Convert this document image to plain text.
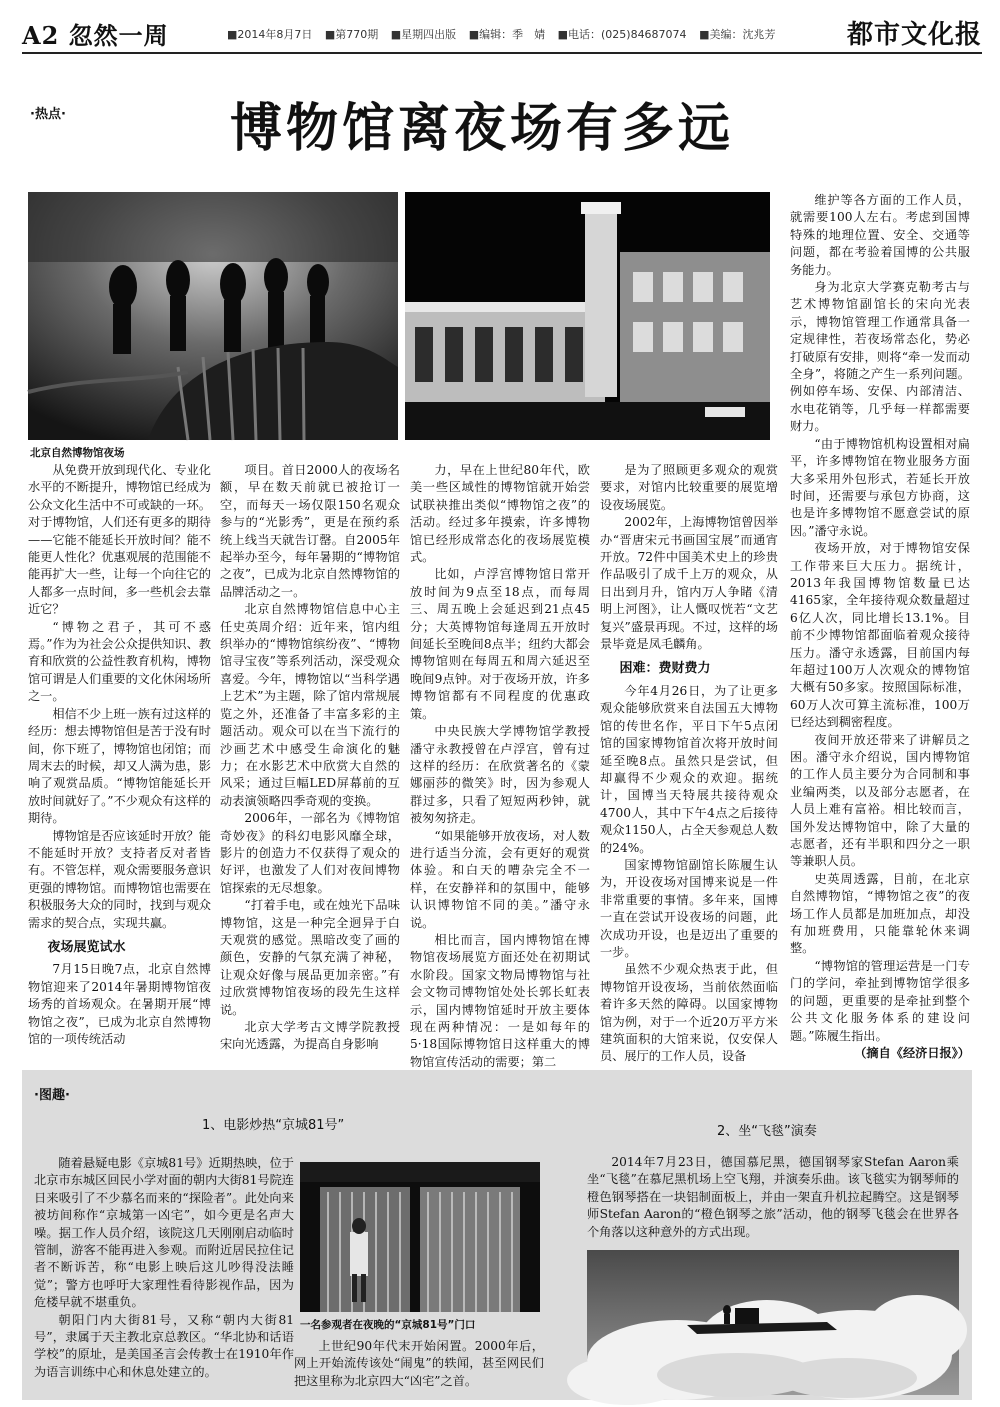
A2 忽然一周	■2014年8月7日 ■第770期 ■星期四出版 ■编辑：季　婧 ■电话：(025)84687074 ■美编：沈兆芳	都市文化报
·热点·	博物馆离夜场有多远
北京自然博物馆夜场

从免费开放到现代化、专业化水平的不断提升，博物馆已经成为公众文化生活中不可或缺的一环。对于博物馆，人们还有更多的期待——它能不能延长开放时间？能不能更人性化？优惠观展的范围能不能再扩大一些，让每一个向往它的人都多一点时间，多一些机会去靠近它？

“博物之君子，其可不惑焉。”作为为社会公众提供知识、教育和欣赏的公益性教育机构，博物馆可谓是人们重要的文化休闲场所之一。

相信不少上班一族有过这样的经历：想去博物馆但是苦于没有时间，你下班了，博物馆也闭馆；而周末去的时候，却又人满为患，影响了观赏品质。“博物馆能延长开放时间就好了。”不少观众有这样的期待。

博物馆是否应该延时开放？能不能延时开放？支持者反对者皆有。不管怎样，观众需要服务意识更强的博物馆。而博物馆也需要在积极服务大众的同时，找到与观众需求的契合点，实现共赢。

夜场展览试水

7月15日晚7点，北京自然博物馆迎来了2014年暑期博物馆夜场秀的首场观众。在暑期开展“博物馆之夜”，已成为北京自然博物馆的一项传统活动

项目。首日2000人的夜场名额，早在数天前就已被抢订一空，而每天一场仅限150名观众参与的“光影秀”，更是在预约系统上线当天就告订罄。自2005年起举办至今，每年暑期的“博物馆之夜”，已成为北京自然博物馆的品牌活动之一。

北京自然博物馆信息中心主任史英周介绍：近年来，馆内组织举办的“博物馆缤纷夜”、“博物馆寻宝夜”等系列活动，深受观众喜爱。今年，博物馆以“当科学遇上艺术”为主题，除了馆内常规展览之外，还准备了丰富多彩的主题活动。观众可以在当下流行的沙画艺术中感受生命演化的魅力；在水影艺术中欣赏大自然的风采；通过巨幅LED屏幕前的互动表演领略四季奇观的变换。

2006年，一部名为《博物馆奇妙夜》的科幻电影风靡全球，影片的创造力不仅获得了观众的好评，也激发了人们对夜间博物馆探索的无尽想象。

“打着手电，或在烛光下品味博物馆，这是一种完全迥异于白天观赏的感觉。黑暗改变了画的颜色，安静的气氛充满了神秘，让观众好像与展品更加亲密。”有过欣赏博物馆夜场的段先生这样说。

北京大学考古文博学院教授宋向光透露，为提高自身影响

力，早在上世纪80年代，欧美一些区域性的博物馆就开始尝试联袂推出类似“博物馆之夜”的活动。经过多年摸索，许多博物馆已经形成常态化的夜场展览模式。

比如，卢浮宫博物馆日常开放时间为9点至18点，而每周三、周五晚上会延迟到21点45分；大英博物馆每逢周五开放时间延长至晚间8点半；纽约大都会博物馆则在每周五和周六延迟至晚间9点钟。对于夜场开放，许多博物馆都有不同程度的优惠政策。

中央民族大学博物馆学教授潘守永教授曾在卢浮宫，曾有过这样的经历：在欣赏著名的《蒙娜丽莎的微笑》时，因为参观人群过多，只看了短短两秒钟，就被匆匆挤走。

“如果能够开放夜场，对人数进行适当分流，会有更好的观赏体验。和白天的嘈杂完全不一样，在安静祥和的氛围中，能够认识博物馆不同的美。”潘守永说。

相比而言，国内博物馆在博物馆夜场展览方面还处在初期试水阶段。国家文物局博物馆与社会文物司博物馆处处长郭长虹表示，国内博物馆延时开放主要体现在两种情况：一是如每年的5·18国际博物馆日这样重大的博物馆宣传活动的需要；第二

是为了照顾更多观众的观赏要求，对馆内比较重要的展览增设夜场展览。

2002年，上海博物馆曾因举办“晋唐宋元书画国宝展”而通宵开放。72件中国美术史上的珍贵作品吸引了成千上万的观众，从日出到月升，馆内万人争睹《清明上河图》，让人慨叹恍若“文艺复兴”盛景再现。不过，这样的场景毕竟是凤毛麟角。

困难：费财费力

今年4月26日，为了让更多观众能够欣赏来自法国五大博物馆的传世名作，平日下午5点闭馆的国家博物馆首次将开放时间延至晚8点。虽然只是尝试，但却赢得不少观众的欢迎。据统计，国博当天特展共接待观众4700人，其中下午4点之后接待观众1150人，占全天参观总人数的24%。

国家博物馆副馆长陈履生认为，开设夜场对国博来说是一件非常重要的事情。多年来，国博一直在尝试开设夜场的问题，此次成功开设，也是迈出了重要的一步。

虽然不少观众热衷于此，但博物馆开设夜场，当前依然面临着许多天然的障碍。以国家博物馆为例，对于一个近20万平方米建筑面积的大馆来说，仅安保人员、展厅的工作人员，设备

维护等各方面的工作人员，就需要100人左右。考虑到国博特殊的地理位置、安全、交通等问题，都在考验着国博的公共服务能力。

身为北京大学赛克勒考古与艺术博物馆副馆长的宋向光表示，博物馆管理工作通常具备一定规律性，若夜场常态化，势必打破原有安排，则将“牵一发而动全身”，将随之产生一系列问题。例如停车场、安保、内部清洁、水电花销等，几乎每一样都需要财力。

“由于博物馆机构设置相对扁平，许多博物馆在物业服务方面大多采用外包形式，若延长开放时间，还需要与承包方协商，这也是许多博物馆不愿意尝试的原因。”潘守永说。

夜场开放，对于博物馆安保工作带来巨大压力。据统计，2013年我国博物馆数量已达4165家，全年接待观众数量超过6亿人次，同比增长13.1%。目前不少博物馆都面临着观众接待压力。潘守永透露，目前国内每年超过100万人次观众的博物馆大概有50多家。按照国际标准，60万人次可算主流标准，100万已经达到稠密程度。

夜间开放还带来了讲解员之困。潘守永介绍说，国内博物馆的工作人员主要分为合同制和事业编两类，以及部分志愿者，在人员上难有富裕。相比较而言，国外发达博物馆中，除了大量的志愿者，还有半职和四分之一职等兼职人员。

史英周透露，目前，在北京自然博物馆，“博物馆之夜”的夜场工作人员都是加班加点，却没有加班费用，只能靠轮休来调整。

“博物馆的管理运营是一门专门的学问，牵扯到博物馆学很多的问题，更重要的是牵扯到整个公共文化服务体系的建设问题。”陈履生指出。

（摘自《经济日报》）

·图趣·
1、电影炒热“京城81号”

随着悬疑电影《京城81号》近期热映，位于北京市东城区回民小学对面的朝内大街81号院连日来吸引了不少慕名而来的“探险者”。此处向来被坊间称作“京城第一凶宅”，如今更是名声大噪。据工作人员介绍，该院这几天刚刚启动临时管制，游客不能再进入参观。而附近居民拉住记者不断诉苦，称“电影上映后这儿吵得没法睡觉”；警方也呼吁大家理性看待影视作品，因为危楼早就不堪重负。

朝阳门内大街81号，又称“朝内大街81号”，隶属于天主教北京总教区。“华北协和话语学校”的原址，是美国圣言会传教士在1910年作为语言训练中心和休息处建立的。

一名参观者在夜晚的“京城81号”门口

上世纪90年代末开始闲置。2000年后，网上开始流传该处“闹鬼”的轶闻，甚至网民们把这里称为北京四大“凶宅”之首。

2、坐“飞毯”演奏

2014年7月23日，德国慕尼黑，德国钢琴家Stefan Aaron乘坐“飞毯”在慕尼黑机场上空飞翔，并演奏乐曲。该飞毯实为钢琴师的橙色钢琴搭在一块铝制面板上，并由一架直升机拉起腾空。这是钢琴师Stefan Aaron的“橙色钢琴之旅”活动，他的钢琴飞毯会在世界各个角落以这种意外的方式出现。
